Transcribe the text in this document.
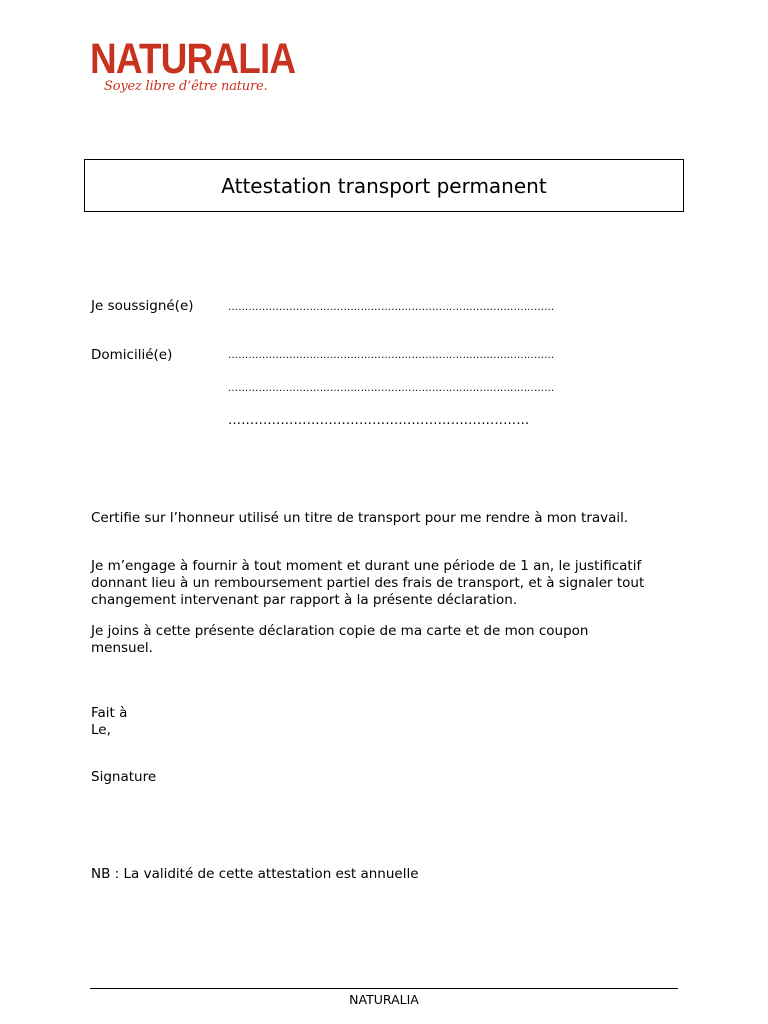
NATURALIA
Soyez libre d’être nature.
Attestation transport permanent
Je soussigné(e)	……………………………………………………………………………………
Domicilié(e)	……………………………………………………………………………………
……………………………………………………………………………………
……………………………………………………………
Certifie sur l’honneur utilisé un titre de transport pour me rendre à mon travail.

Je m’engage à fournir à tout moment et durant une période de 1 an, le justificatif

donnant lieu à un remboursement partiel des frais de transport, et à signaler tout

changement intervenant par rapport à la présente déclaration.

Je joins à cette présente déclaration copie de ma carte et de mon coupon

mensuel.

Fait à

Le,

Signature
NB : La validité de cette attestation est annuelle
NATURALIA
